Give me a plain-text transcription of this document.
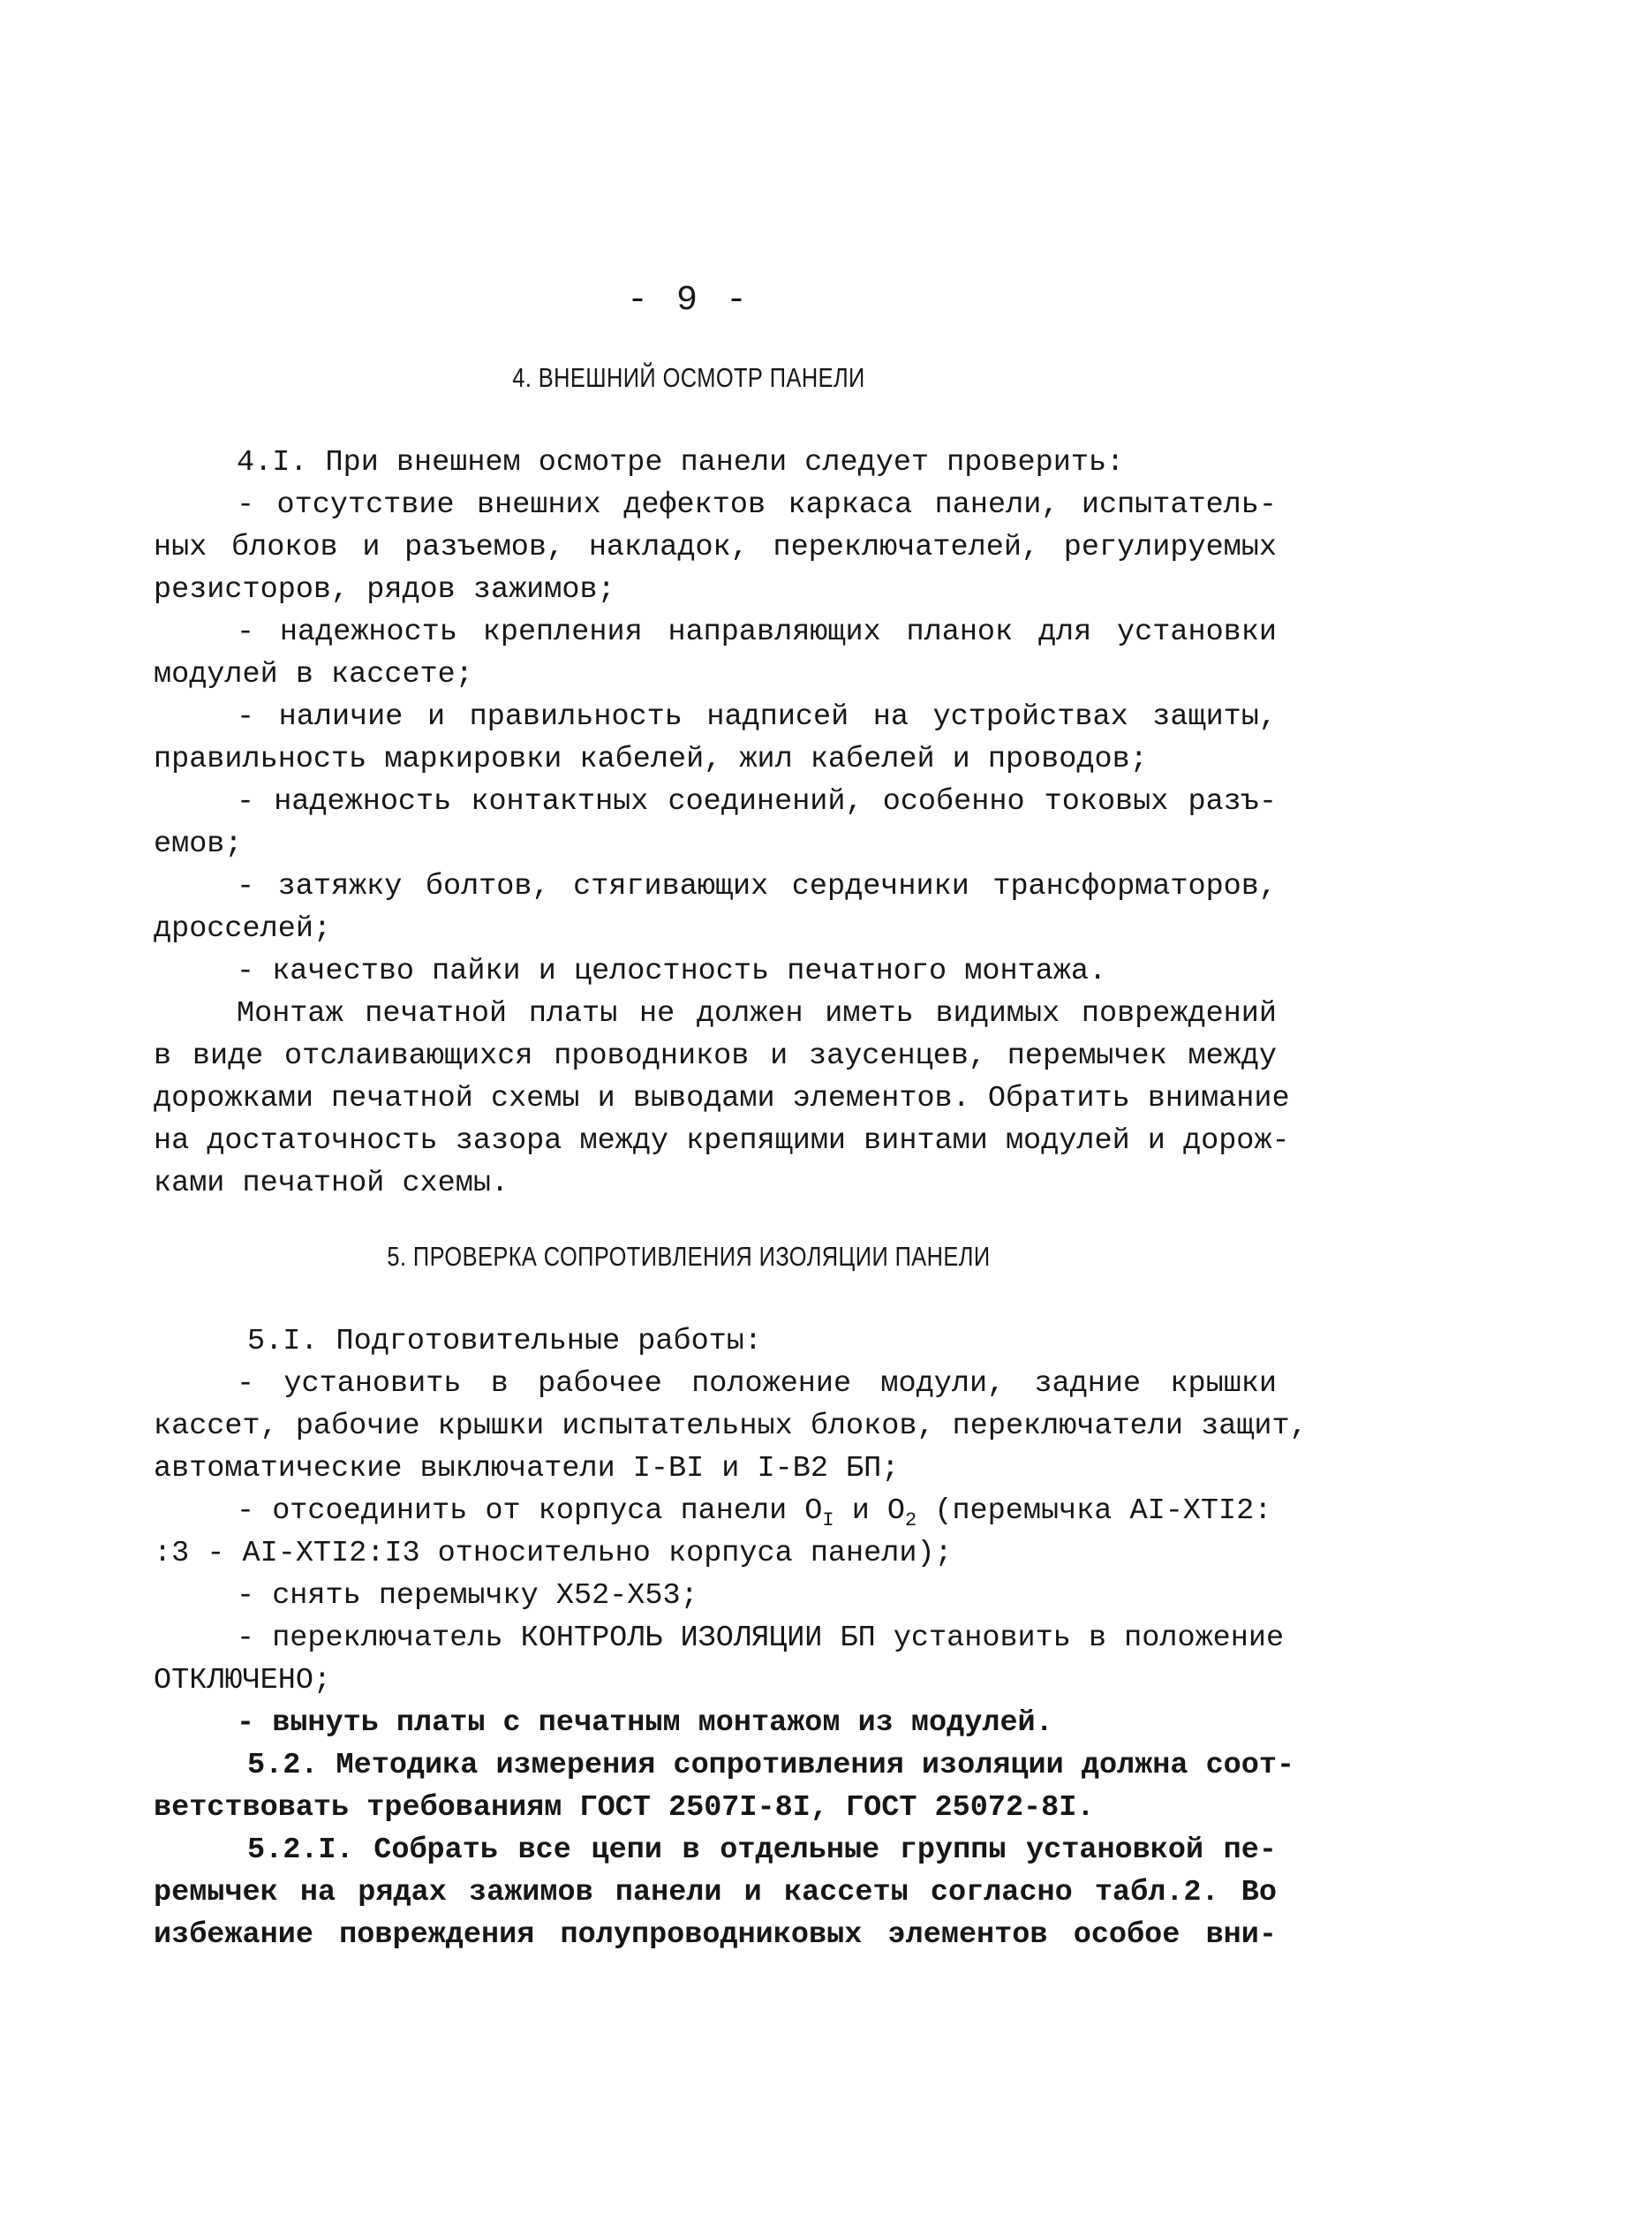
- 9 -
4. ВНЕШНИЙ ОСМОТР ПАНЕЛИ
4.I. При внешнем осмотре панели следует проверить:
- отсутствие внешних дефектов каркаса панели, испытатель-
ных блоков и разъемов, накладок, переключателей, регулируемых
резисторов, рядов зажимов;
- надежность крепления направляющих планок для установки
модулей в кассете;
- наличие и правильность надписей на устройствах защиты,
правильность маркировки кабелей, жил кабелей и проводов;
- надежность контактных соединений, особенно токовых разъ-
емов;
- затяжку болтов, стягивающих сердечники трансформаторов,
дросселей;
- качество пайки и целостность печатного монтажа.
Монтаж печатной платы не должен иметь видимых повреждений
в виде отслаивающихся проводников и заусенцев, перемычек между
дорожками печатной схемы и выводами элементов. Обратить внимание
на достаточность зазора между крепящими винтами модулей и дорож-
ками печатной схемы.
5. ПРОВЕРКА СОПРОТИВЛЕНИЯ ИЗОЛЯЦИИ ПАНЕЛИ
5.I. Подготовительные работы:
- установить в рабочее положение модули, задние крышки
кассет, рабочие крышки испытательных блоков, переключатели защит,
автоматические выключатели I-BI и I-B2 БП;
- отсоединить от корпуса панели $O_I$ и $O_2$ (перемычка AI-XTI2:
:3 - AI-XTI2:I3 относительно корпуса панели);
- снять перемычку X52-X53;
- переключатель КОНТРОЛЬ ИЗОЛЯЦИИ БП установить в положение
ОТКЛЮЧЕНО;
- вынуть платы с печатным монтажом из модулей.
5.2. Методика измерения сопротивления изоляции должна соот-
ветствовать требованиям ГОСТ 2507I-8I, ГОСТ 25072-8I.
5.2.I. Собрать все цепи в отдельные группы установкой пе-
ремычек на рядах зажимов панели и кассеты согласно табл.2. Во
избежание повреждения полупроводниковых элементов особое вни-
